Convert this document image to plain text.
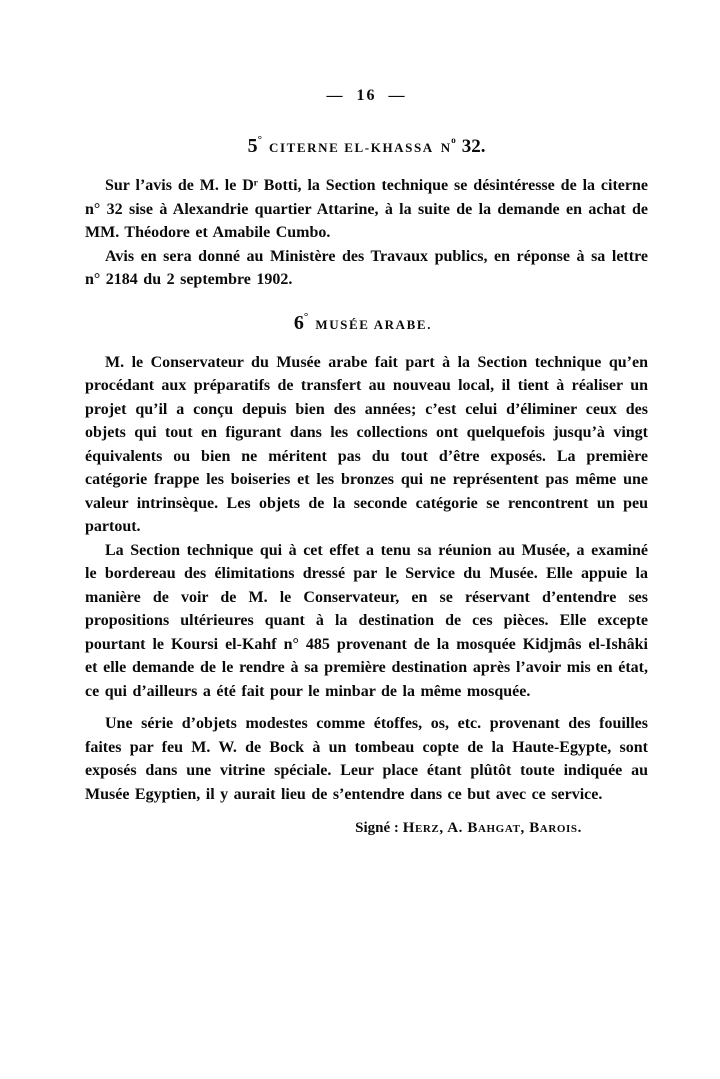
— 16 —
5° CITERNE EL-KHASSA $N^o$ 32.

Sur l’avis de M. le Dʳ Botti, la Section technique se désintéresse de la citerne n° 32 sise à Alexandrie quartier Attarine, à la suite de la demande en achat de MM. Théodore et Amabile Cumbo.

Avis en sera donné au Ministère des Travaux publics, en réponse à sa lettre n° 2184 du 2 septembre 1902.

6° MUSÉE ARABE.

M. le Conservateur du Musée arabe fait part à la Section technique qu’en procédant aux préparatifs de transfert au nouveau local, il tient à réaliser un projet qu’il a conçu depuis bien des années; c’est celui d’éliminer ceux des objets qui tout en figurant dans les collections ont quelquefois jusqu’à vingt équivalents ou bien ne méritent pas du tout d’être exposés. La première catégorie frappe les boiseries et les bronzes qui ne représentent pas même une valeur intrinsèque. Les objets de la seconde catégorie se rencontrent un peu partout.

La Section technique qui à cet effet a tenu sa réunion au Musée, a examiné le bordereau des élimitations dressé par le Service du Musée. Elle appuie la manière de voir de M. le Conservateur, en se réservant d’entendre ses propositions ultérieures quant à la destination de ces pièces. Elle excepte pourtant le Koursi el-Kahf n° 485 provenant de la mosquée Kidjmâs el-Ishâki et elle demande de le rendre à sa première destination après l’avoir mis en état, ce qui d’ailleurs a été fait pour le minbar de la même mosquée.

Une série d’objets modestes comme étoffes, os, etc. provenant des fouilles faites par feu M. W. de Bock à un tombeau copte de la Haute-Egypte, sont exposés dans une vitrine spéciale. Leur place étant plûtôt toute indiquée au Musée Egyptien, il y aurait lieu de s’entendre dans ce but avec ce service.

Signé : Herz, A. Bahgat, Barois.
